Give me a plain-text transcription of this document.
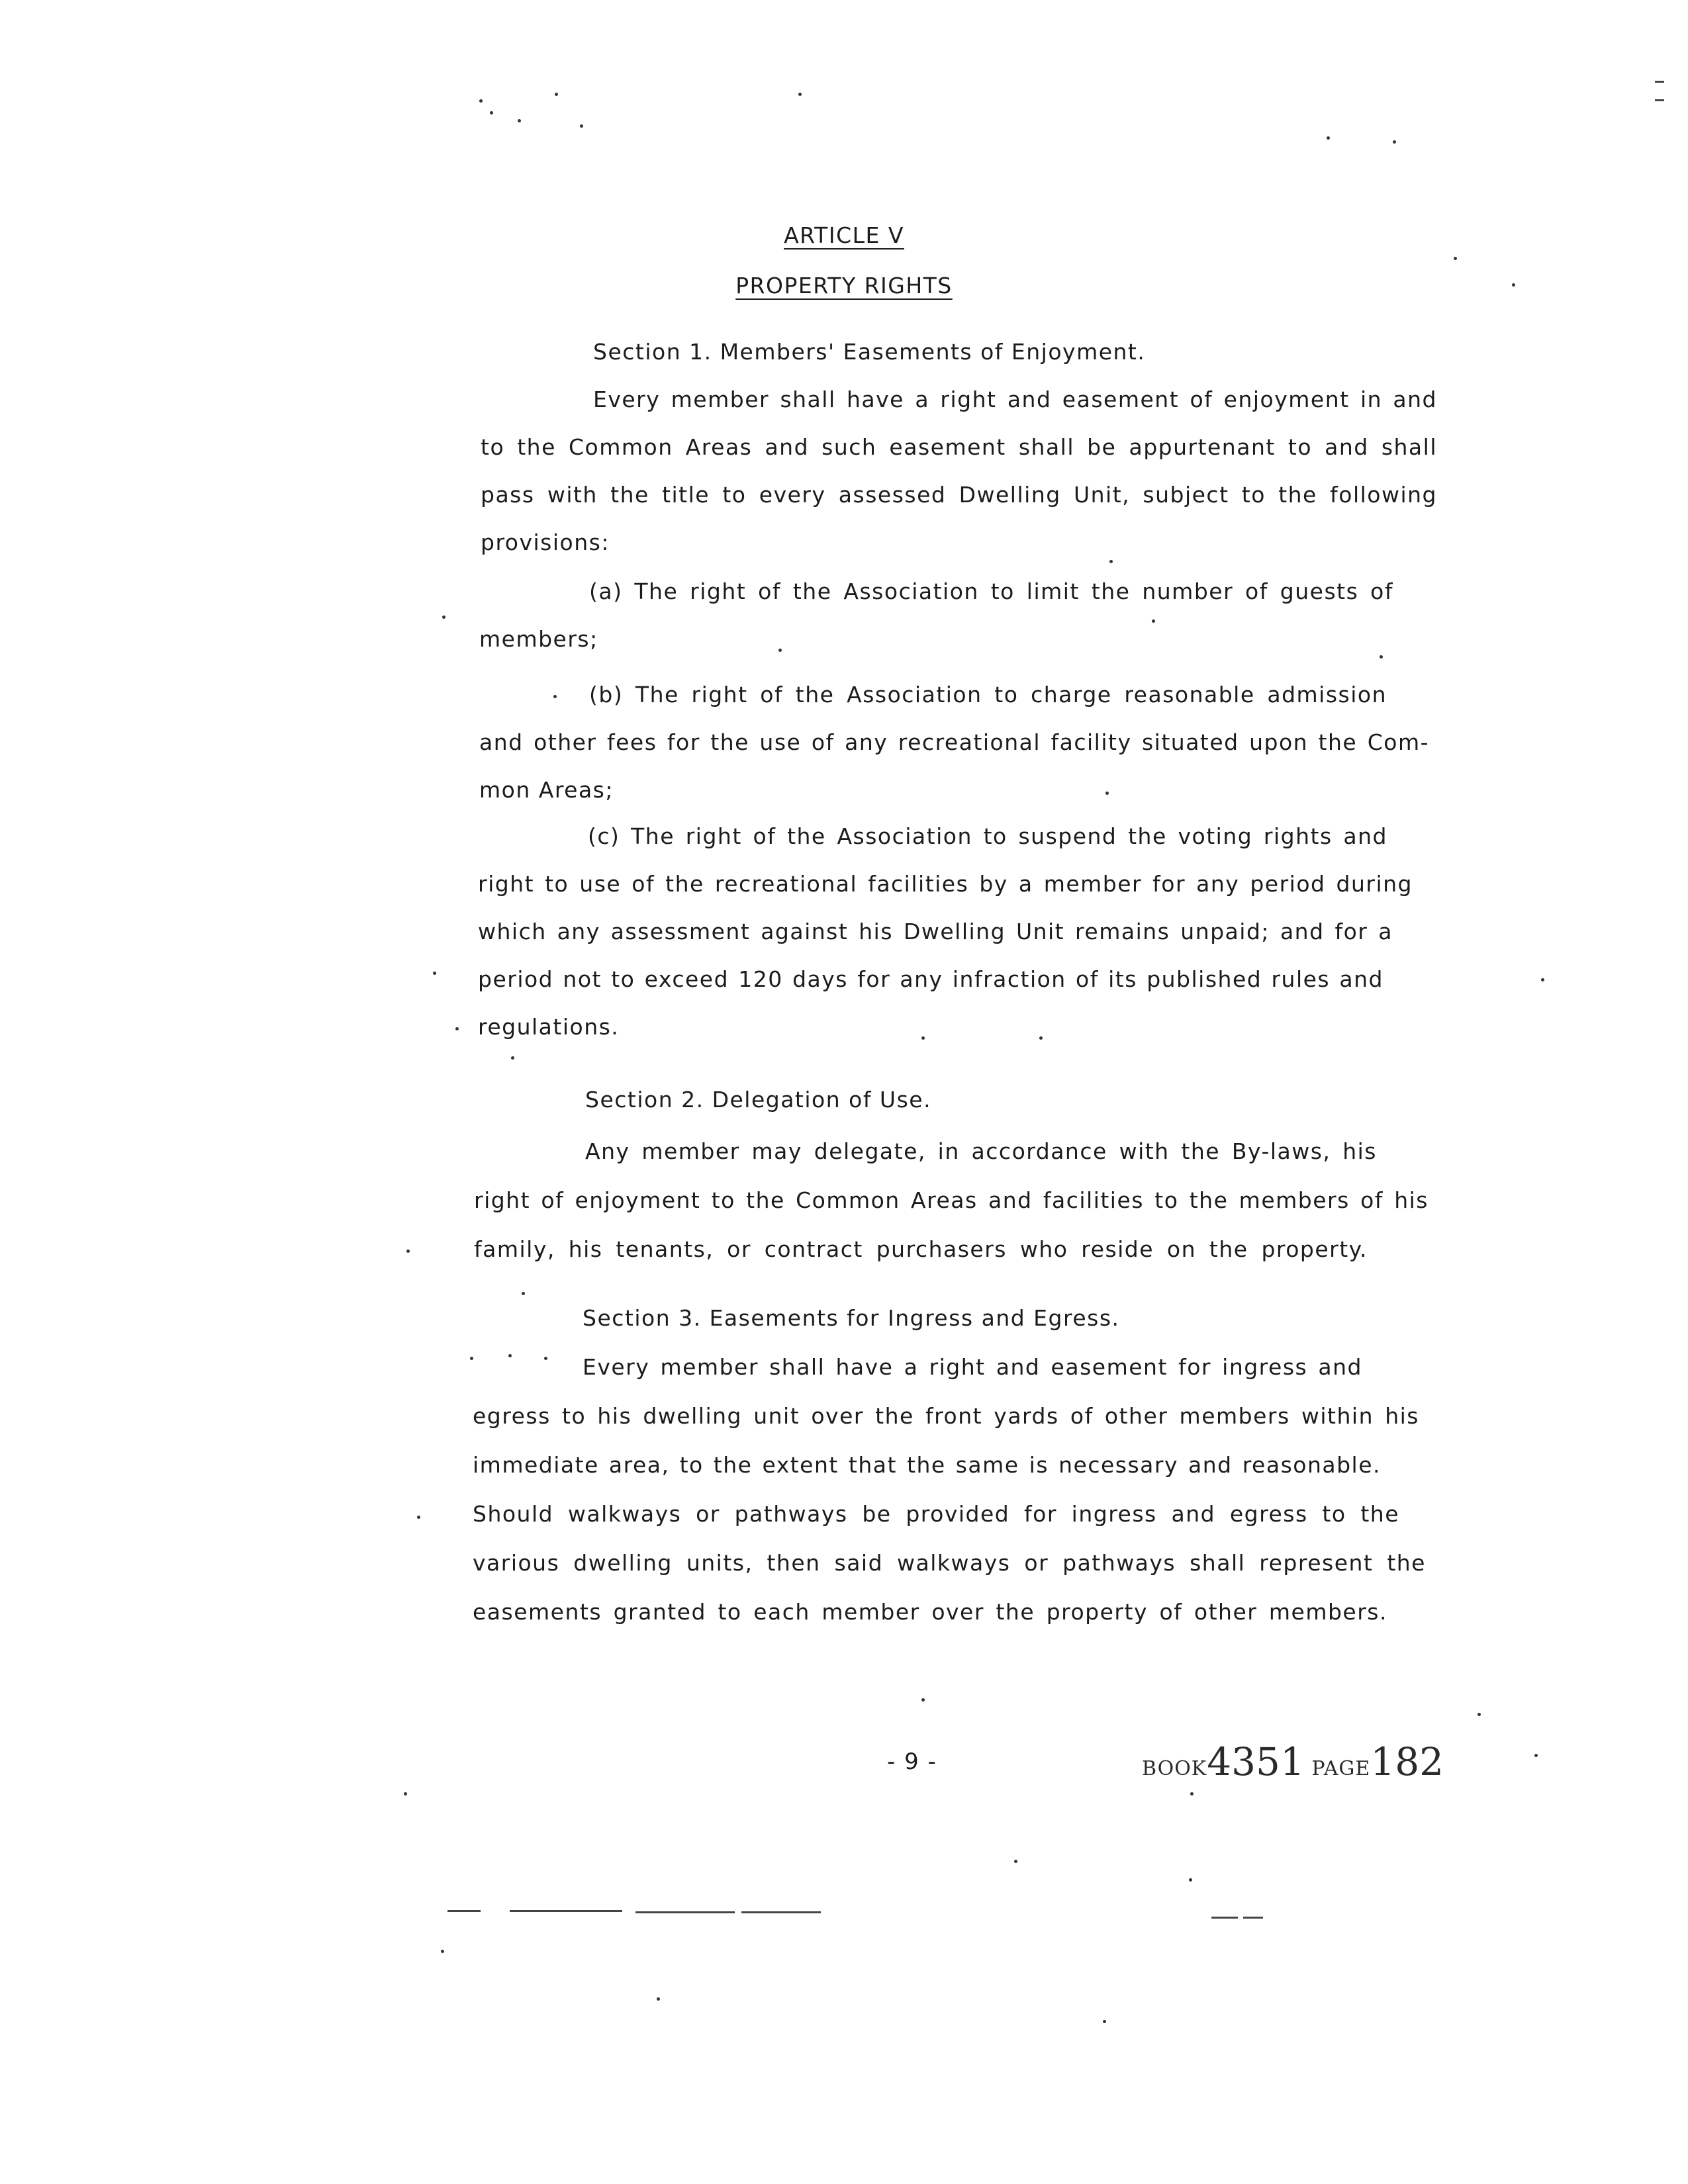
ARTICLE V
PROPERTY RIGHTS
Section 1. Members' Easements of Enjoyment.
Every member shall have a right and easement of enjoyment in and
to the Common Areas and such easement shall be appurtenant to and shall
pass with the title to every assessed Dwelling Unit, subject to the following
provisions:
(a) The right of the Association to limit the number of guests of
members;
(b) The right of the Association to charge reasonable admission
and other fees for the use of any recreational facility situated upon the Com-
mon Areas;
(c) The right of the Association to suspend the voting rights and
right to use of the recreational facilities by a member for any period during
which any assessment against his Dwelling Unit remains unpaid; and for a
period not to exceed 120 days for any infraction of its published rules and
regulations.
Section 2. Delegation of Use.
Any member may delegate, in accordance with the By-laws, his
right of enjoyment to the Common Areas and facilities to the members of his
family, his tenants, or contract purchasers who reside on the property.
Section 3. Easements for Ingress and Egress.
Every member shall have a right and easement for ingress and
egress to his dwelling unit over the front yards of other members within his
immediate area, to the extent that the same is necessary and reasonable.
Should walkways or pathways be provided for ingress and egress to the
various dwelling units, then said walkways or pathways shall represent the
easements granted to each member over the property of other members.
- 9 -	BOOK4351 PAGE182
